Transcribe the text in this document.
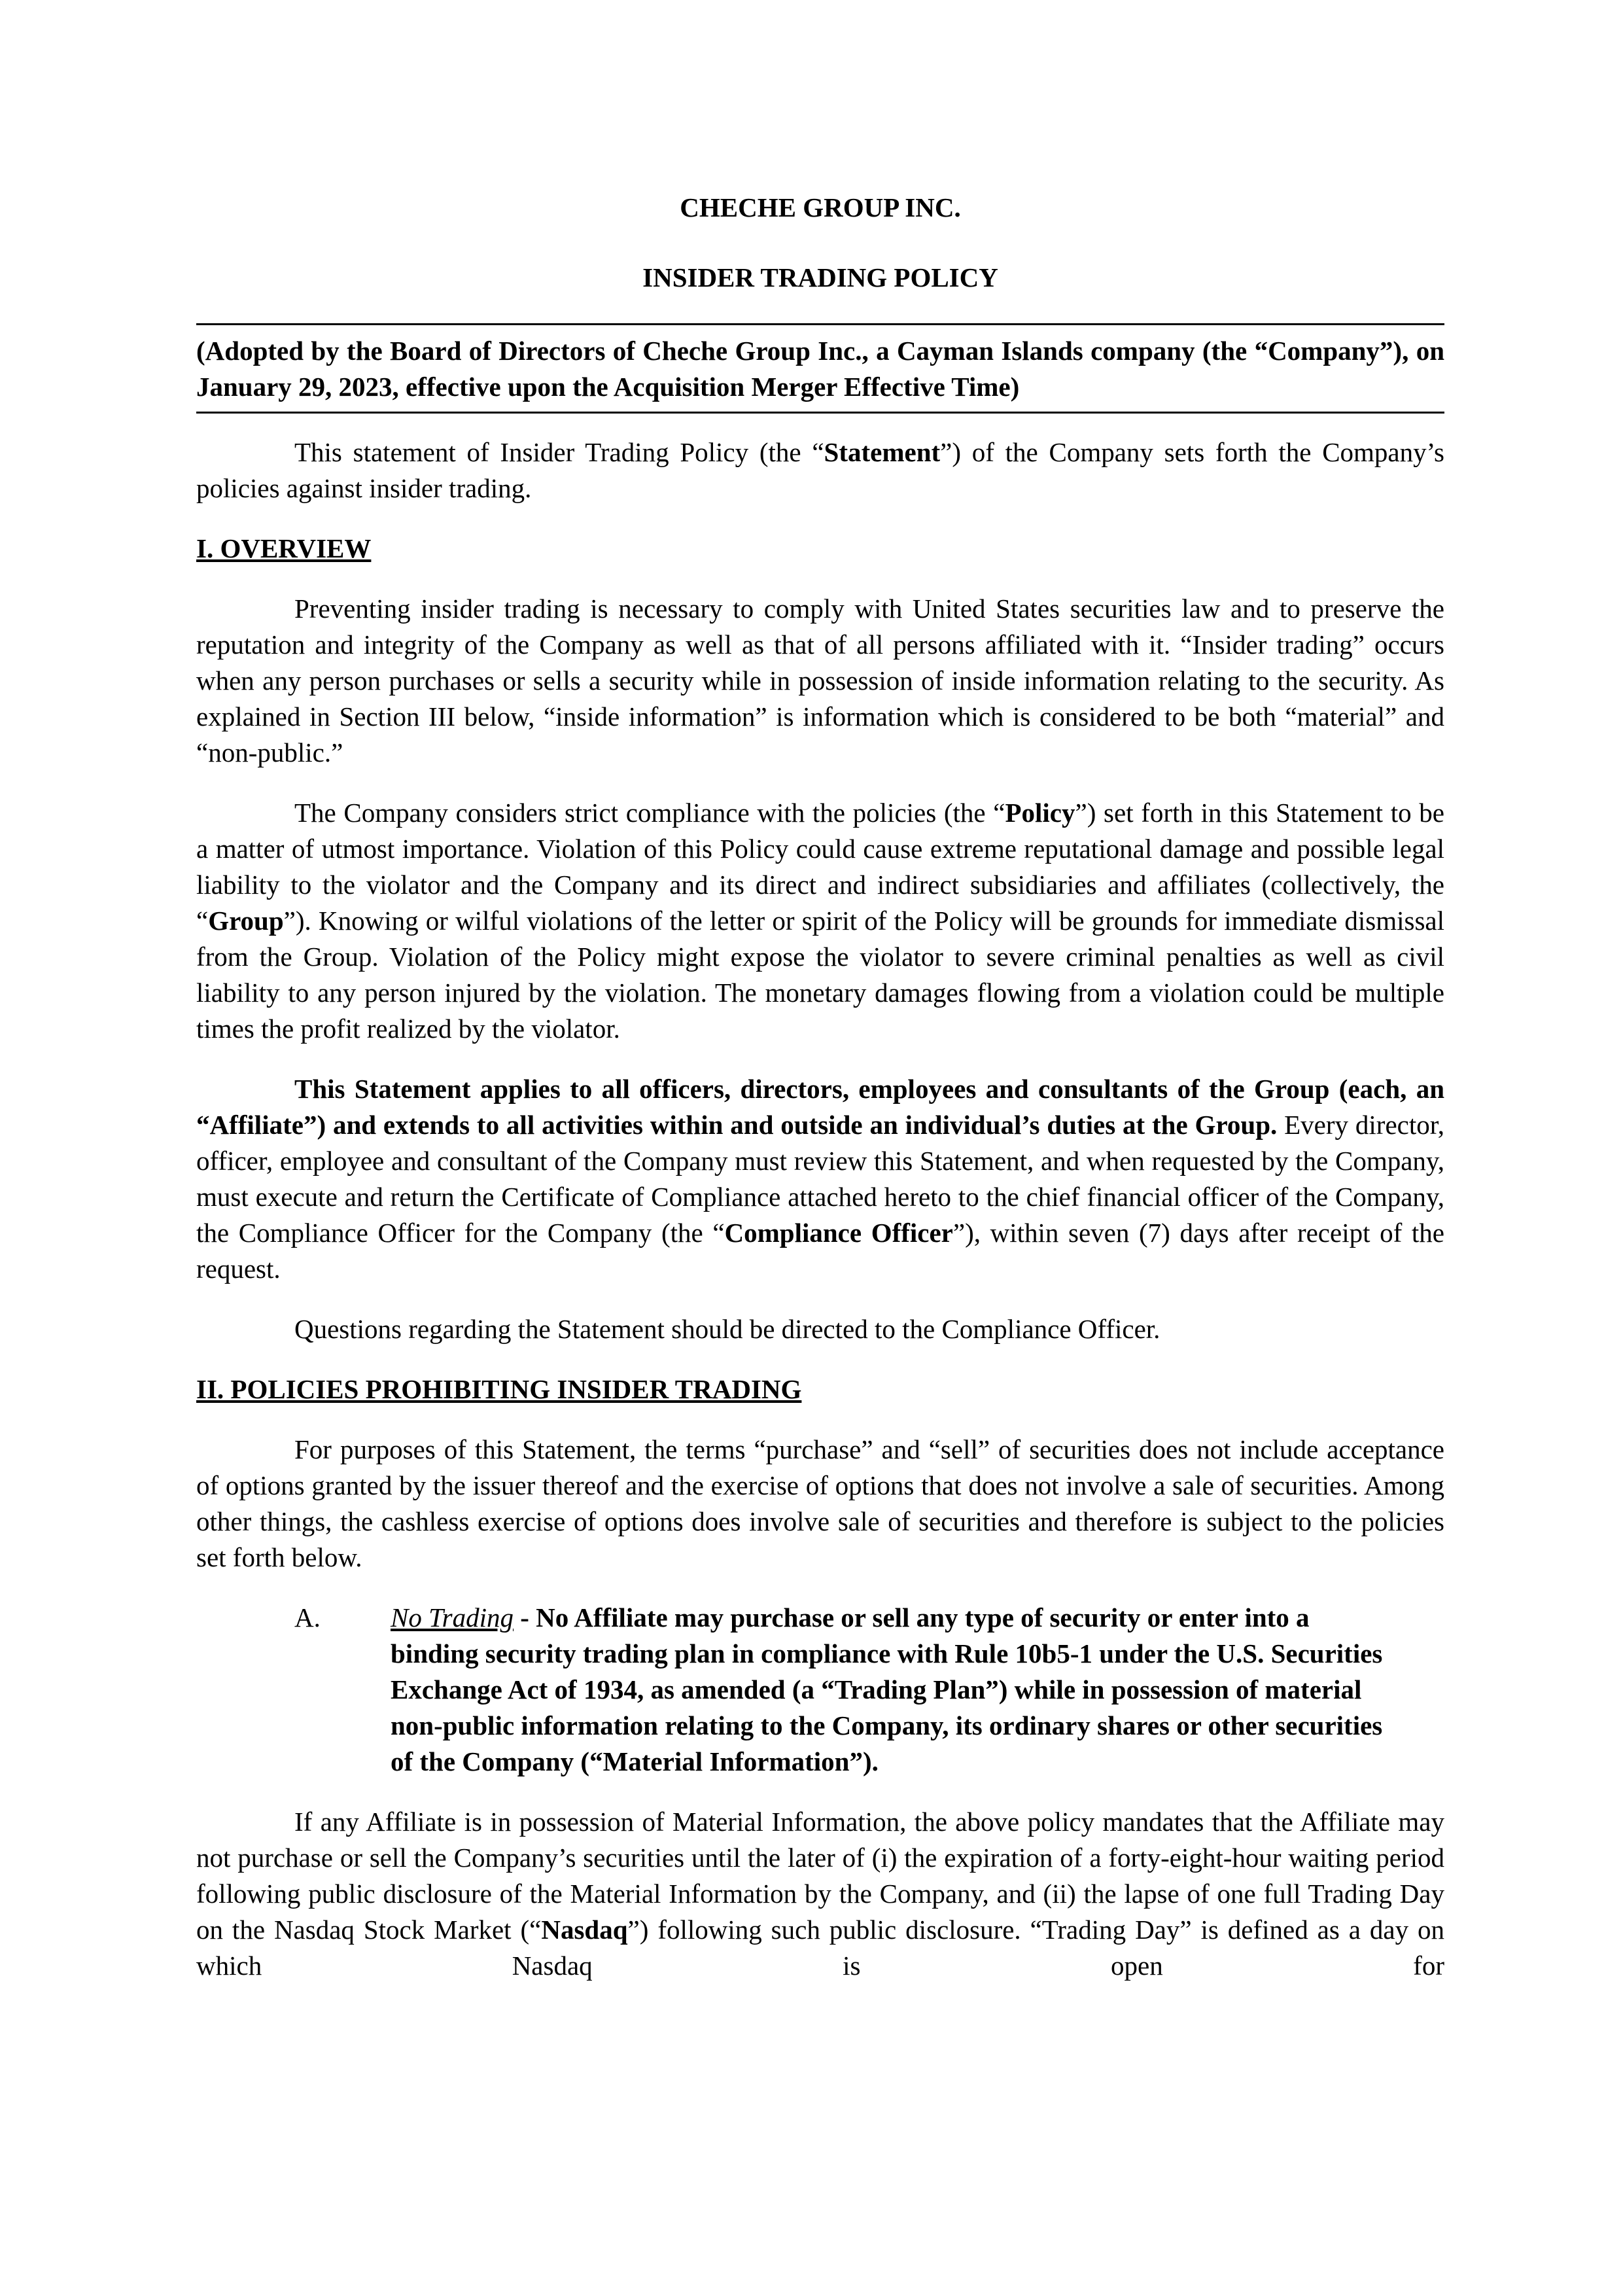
CHECHE GROUP INC.

INSIDER TRADING POLICY

(Adopted by the Board of Directors of Cheche Group Inc., a Cayman Islands company (the “Company”), on January 29, 2023, effective upon the Acquisition Merger Effective Time)

This statement of Insider Trading Policy (the “Statement”) of the Company sets forth the Company’s policies against insider trading.

I. OVERVIEW

Preventing insider trading is necessary to comply with United States securities law and to preserve the reputation and integrity of the Company as well as that of all persons affiliated with it. “Insider trading” occurs when any person purchases or sells a security while in possession of inside information relating to the security. As explained in Section III below, “inside information” is information which is considered to be both “material” and “non-public.”

The Company considers strict compliance with the policies (the “Policy”) set forth in this Statement to be a matter of utmost importance. Violation of this Policy could cause extreme reputational damage and possible legal liability to the violator and the Company and its direct and indirect subsidiaries and affiliates (collectively, the “Group”). Knowing or wilful violations of the letter or spirit of the Policy will be grounds for immediate dismissal from the Group. Violation of the Policy might expose the violator to severe criminal penalties as well as civil liability to any person injured by the violation. The monetary damages flowing from a violation could be multiple times the profit realized by the violator.

This Statement applies to all officers, directors, employees and consultants of the Group (each, an “Affiliate”) and extends to all activities within and outside an individual’s duties at the Group. Every director, officer, employee and consultant of the Company must review this Statement, and when requested by the Company, must execute and return the Certificate of Compliance attached hereto to the chief financial officer of the Company, the Compliance Officer for the Company (the “Compliance Officer”), within seven (7) days after receipt of the request.

Questions regarding the Statement should be directed to the Compliance Officer.

II. POLICIES PROHIBITING INSIDER TRADING

For purposes of this Statement, the terms “purchase” and “sell” of securities does not include acceptance of options granted by the issuer thereof and the exercise of options that does not involve a sale of securities. Among other things, the cashless exercise of options does involve sale of securities and therefore is subject to the policies set forth below.

A.	No Trading - No Affiliate may purchase or sell any type of security or enter into a binding security trading plan in compliance with Rule 10b5-1 under the U.S. Securities Exchange Act of 1934, as amended (a “Trading Plan”) while in possession of material non-public information relating to the Company, its ordinary shares or other securities of the Company (“Material Information”).

If any Affiliate is in possession of Material Information, the above policy mandates that the Affiliate may not purchase or sell the Company’s securities until the later of (i) the expiration of a forty-eight-hour waiting period following public disclosure of the Material Information by the Company, and (ii) the lapse of one full Trading Day on the Nasdaq Stock Market (“Nasdaq”) following such public disclosure. “Trading Day” is defined as a day on which Nasdaq is open for
